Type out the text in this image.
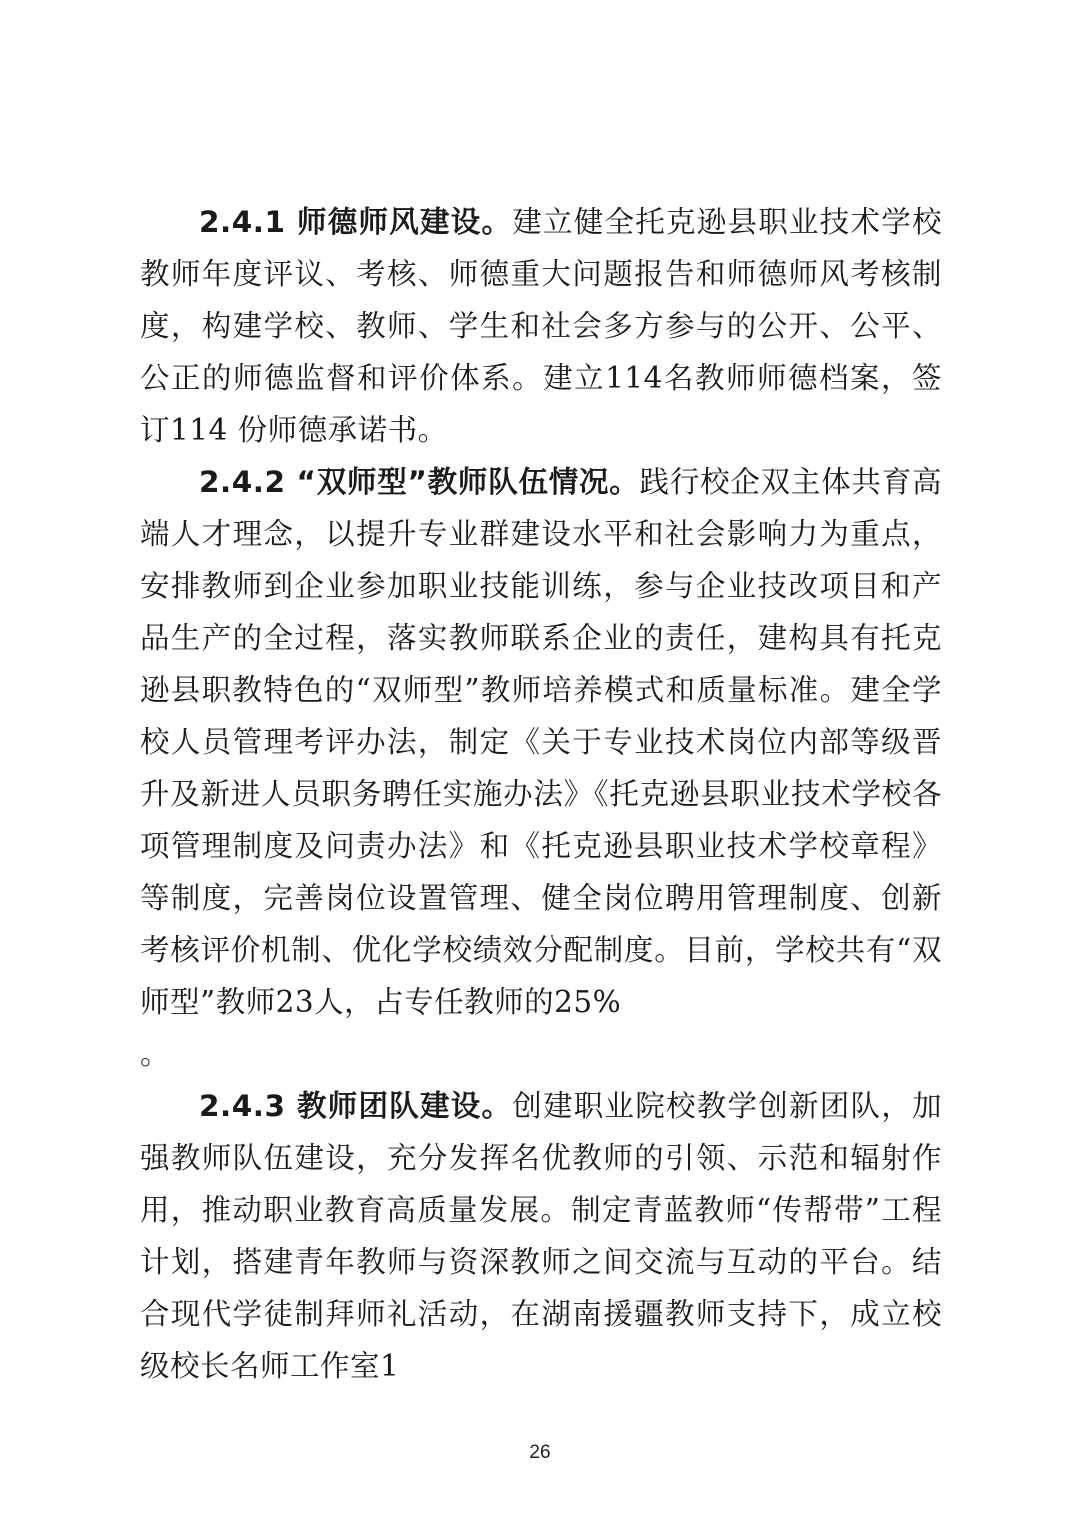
2.4.1 师德师风建设。建立健全托克逊县职业技术学校教师年度评议、考核、师德重大问题报告和师德师风考核制度，构建学校、教师、学生和社会多方参与的公开、公平、公正的师德监督和评价体系。建立114名教师师德档案，签订114 份师德承诺书。

2.4.2 “双师型”教师队伍情况。践行校企双主体共育高端人才理念，以提升专业群建设水平和社会影响力为重点，安排教师到企业参加职业技能训练，参与企业技改项目和产品生产的全过程，落实教师联系企业的责任，建构具有托克逊县职教特色的“双师型”教师培养模式和质量标准。建全学校人员管理考评办法，制定《关于专业技术岗位内部等级晋升及新进人员职务聘任实施办法》《托克逊县职业技术学校各项管理制度及问责办法》和《托克逊县职业技术学校章程》等制度，完善岗位设置管理、健全岗位聘用管理制度、创新考核评价机制、优化学校绩效分配制度。目前，学校共有“双师型”教师23人，占专任教师的25%
。

2.4.3 教师团队建设。创建职业院校教学创新团队，加强教师队伍建设，充分发挥名优教师的引领、示范和辐射作用，推动职业教育高质量发展。制定青蓝教师“传帮带”工程计划，搭建青年教师与资深教师之间交流与互动的平台。结合现代学徒制拜师礼活动，在湖南援疆教师支持下，成立校级校长名师工作室1

26
